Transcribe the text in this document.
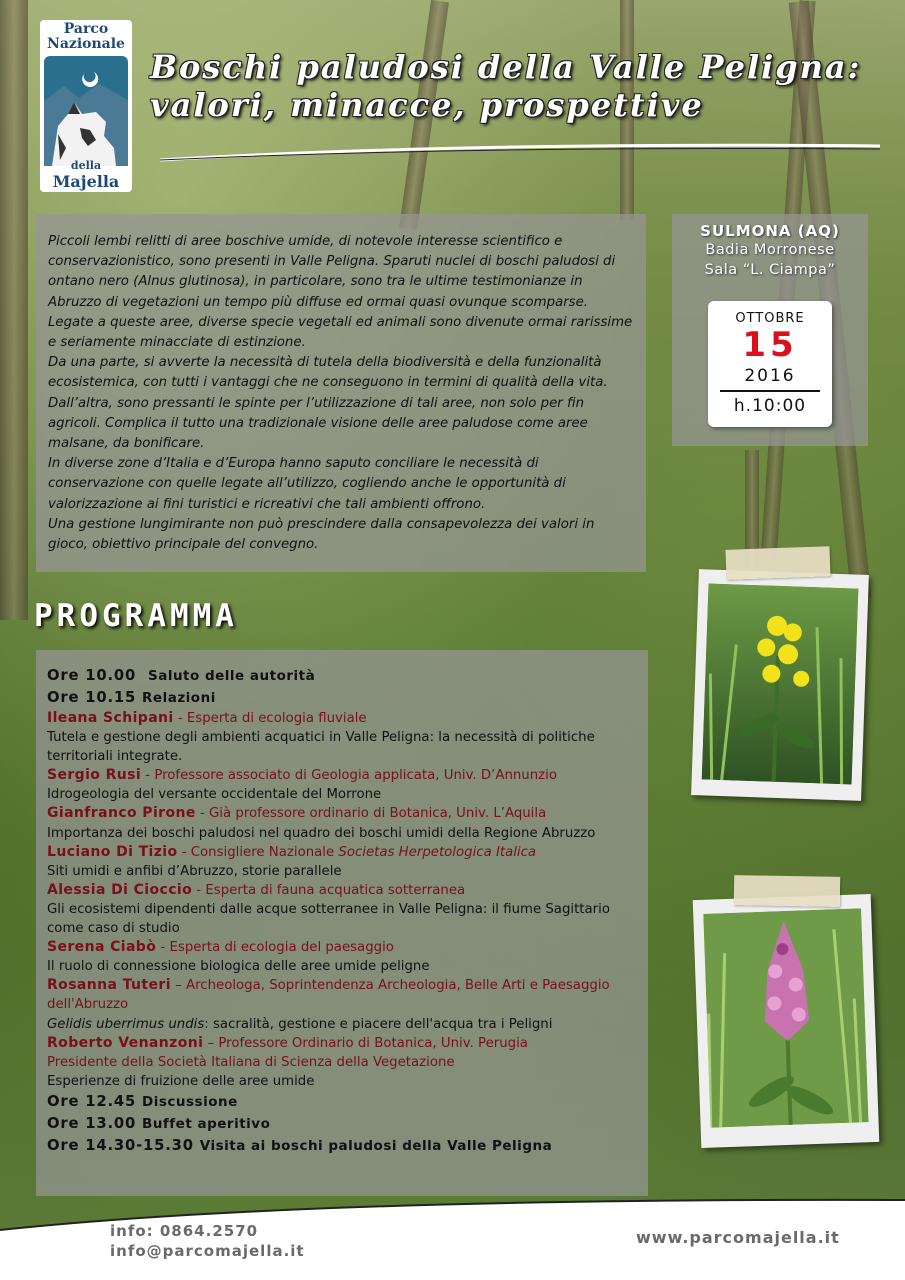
Parco
Nazionale
della
Majella
Boschi paludosi della Valle Peligna:
valori, minacce, prospettive

Piccoli lembi relitti di aree boschive umide, di notevole interesse scientifico e conservazionistico, sono presenti in Valle Peligna. Sparuti nuclei di boschi paludosi di ontano nero (Alnus glutinosa), in particolare, sono tra le ultime testimonianze in Abruzzo di vegetazioni un tempo più diffuse ed ormai quasi ovunque scomparse. Legate a queste aree, diverse specie vegetali ed animali sono divenute ormai rarissime e seriamente minacciate di estinzione.

Da una parte, si avverte la necessità di tutela della biodiversità e della funzionalità ecosistemica, con tutti i vantaggi che ne conseguono in termini di qualità della vita. Dall’altra, sono pressanti le spinte per l’utilizzazione di tali aree, non solo per fin agricoli. Complica il tutto una tradizionale visione delle aree paludose come aree malsane, da bonificare.

In diverse zone d’Italia e d’Europa hanno saputo conciliare le necessità di conservazione con quelle legate all’utilizzo, cogliendo anche le opportunità di valorizzazione ai fini turistici e ricreativi che tali ambienti offrono.

Una gestione lungimirante non può prescindere dalla consapevolezza dei valori in gioco, obiettivo principale del convegno.

SULMONA (AQ)
Badia Morronese
Sala “L. Ciampa”
OTTOBRE
15
2016
h.10:00
PROGRAMMA
Ore 10.00 Saluto delle autorità
Ore 10.15 Relazioni
Ileana Schipani - Esperta di ecologia fluviale
Tutela e gestione degli ambienti acquatici in Valle Peligna: la necessità di politiche territoriali integrate.
Sergio Rusi - Professore associato di Geologia applicata, Univ. D’Annunzio
Idrogeologia del versante occidentale del Morrone
Gianfranco Pirone - Già professore ordinario di Botanica, Univ. L’Aquila
Importanza dei boschi paludosi nel quadro dei boschi umidi della Regione Abruzzo
Luciano Di Tizio - Consigliere Nazionale Societas Herpetologica Italica
Siti umidi e anfibi d’Abruzzo, storie parallele
Alessia Di Cioccio - Esperta di fauna acquatica sotterranea
Gli ecosistemi dipendenti dalle acque sotterranee in Valle Peligna: il fiume Sagittario come caso di studio
Serena Ciabò - Esperta di ecologia del paesaggio
Il ruolo di connessione biologica delle aree umide peligne
Rosanna Tuteri – Archeologa, Soprintendenza Archeologia, Belle Arti e Paesaggio dell'Abruzzo
Gelidis uberrimus undis: sacralità, gestione e piacere dell'acqua tra i Peligni
Roberto Venanzoni – Professore Ordinario di Botanica, Univ. Perugia
Presidente della Società Italiana di Scienza della Vegetazione
Esperienze di fruizione delle aree umide
Ore 12.45 Discussione
Ore 13.00 Buffet aperitivo
Ore 14.30-15.30 Visita ai boschi paludosi della Valle Peligna
info: 0864.2570
info@parcomajella.it
www.parcomajella.it
